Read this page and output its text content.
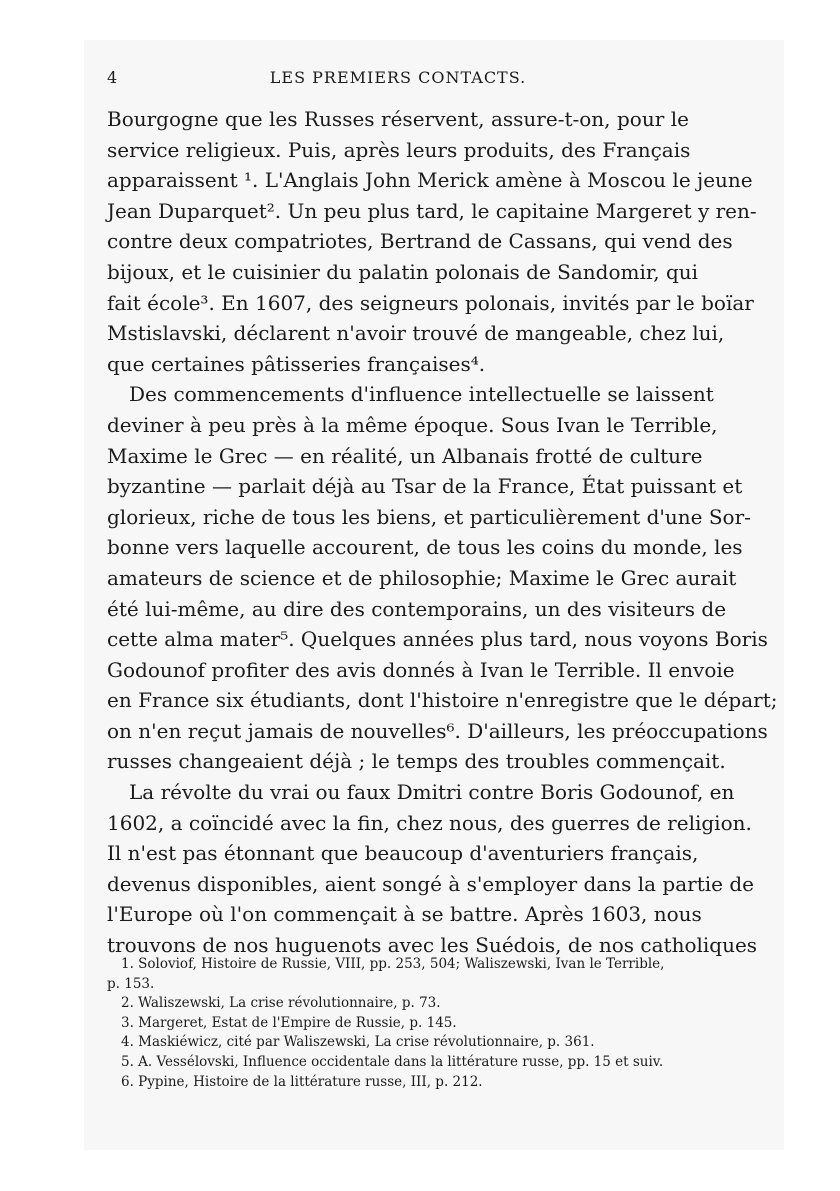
4	LES PREMIERS CONTACTS.
Bourgogne que les Russes réservent, assure-t-on, pour le
service religieux. Puis, après leurs produits, des Français
apparaissent ¹. L'Anglais John Merick amène à Moscou le jeune
Jean Duparquet². Un peu plus tard, le capitaine Margeret y ren-
contre deux compatriotes, Bertrand de Cassans, qui vend des
bijoux, et le cuisinier du palatin polonais de Sandomir, qui
fait école³. En 1607, des seigneurs polonais, invités par le boïar
Mstislavski, déclarent n'avoir trouvé de mangeable, chez lui,
que certaines pâtisseries françaises⁴.
Des commencements d'influence intellectuelle se laissent
deviner à peu près à la même époque. Sous Ivan le Terrible,
Maxime le Grec — en réalité, un Albanais frotté de culture
byzantine — parlait déjà au Tsar de la France, État puissant et
glorieux, riche de tous les biens, et particulièrement d'une Sor-
bonne vers laquelle accourent, de tous les coins du monde, les
amateurs de science et de philosophie; Maxime le Grec aurait
été lui-même, au dire des contemporains, un des visiteurs de
cette alma mater⁵. Quelques années plus tard, nous voyons Boris
Godounof profiter des avis donnés à Ivan le Terrible. Il envoie
en France six étudiants, dont l'histoire n'enregistre que le départ;
on n'en reçut jamais de nouvelles⁶. D'ailleurs, les préoccupations
russes changeaient déjà ; le temps des troubles commençait.
La révolte du vrai ou faux Dmitri contre Boris Godounof, en
1602, a coïncidé avec la fin, chez nous, des guerres de religion.
Il n'est pas étonnant que beaucoup d'aventuriers français,
devenus disponibles, aient songé à s'employer dans la partie de
l'Europe où l'on commençait à se battre. Après 1603, nous
trouvons de nos huguenots avec les Suédois, de nos catholiques
1. Soloviof, Histoire de Russie, VIII, pp. 253, 504; Waliszewski, Ivan le Terrible,
p. 153.
2. Waliszewski, La crise révolutionnaire, p. 73.
3. Margeret, Estat de l'Empire de Russie, p. 145.
4. Maskiéwicz, cité par Waliszewski, La crise révolutionnaire, p. 361.
5. A. Vessélovski, Influence occidentale dans la littérature russe, pp. 15 et suiv.
6. Pypine, Histoire de la littérature russe, III, p. 212.
